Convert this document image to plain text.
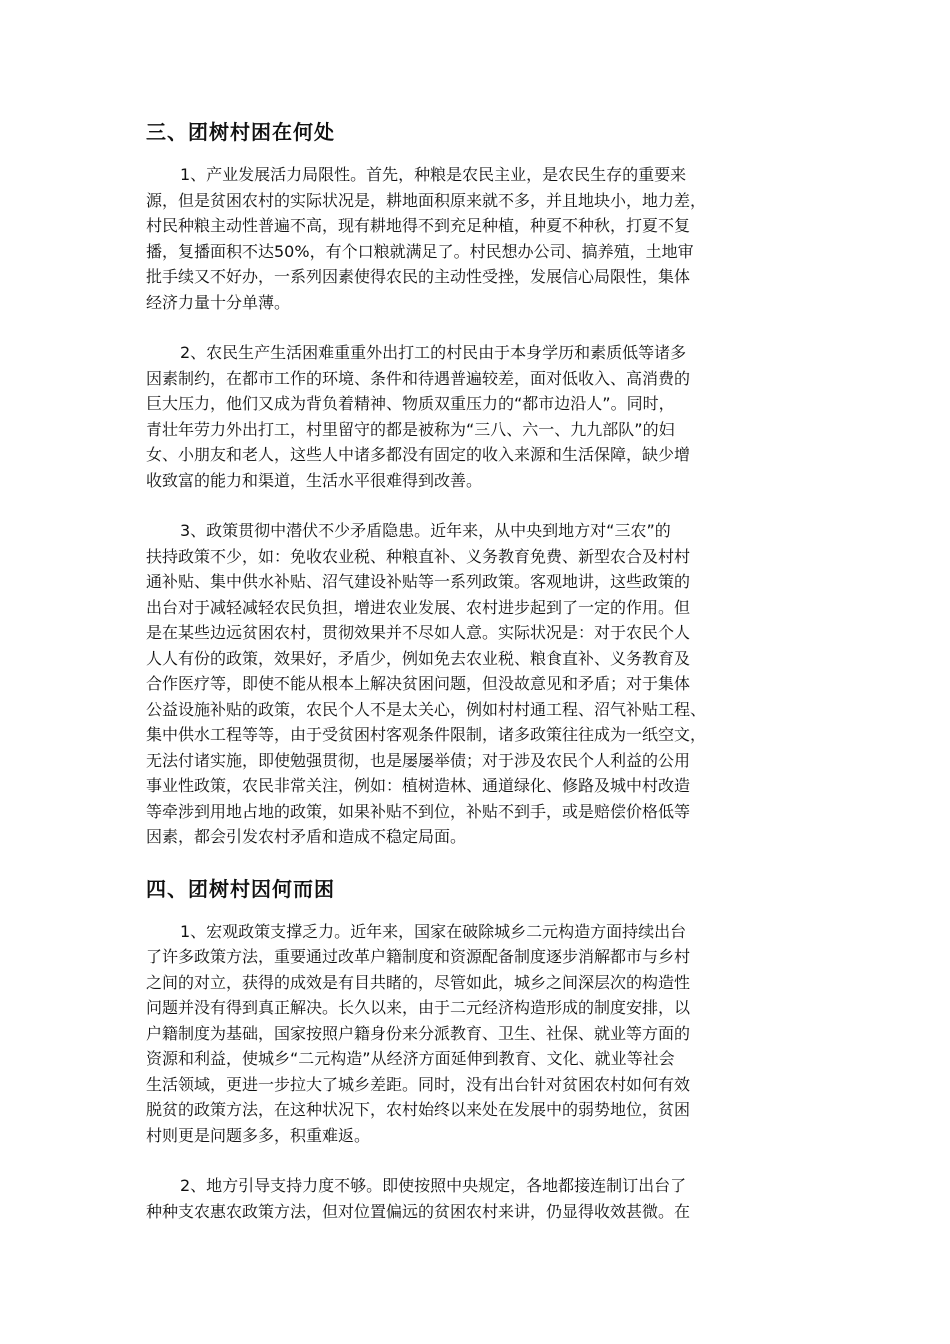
三、团树村困在何处
1、产业发展活力局限性。首先，种粮是农民主业，是农民生存的重要来
源，但是贫困农村的实际状况是，耕地面积原来就不多，并且地块小，地力差，
村民种粮主动性普遍不高，现有耕地得不到充足种植，种夏不种秋，打夏不复
播，复播面积不达50%，有个口粮就满足了。村民想办公司、搞养殖，土地审
批手续又不好办，一系列因素使得农民的主动性受挫，发展信心局限性，集体
经济力量十分单薄。
2、农民生产生活困难重重外出打工的村民由于本身学历和素质低等诸多
因素制约，在都市工作的环境、条件和待遇普遍较差，面对低收入、高消费的
巨大压力，他们又成为背负着精神、物质双重压力的“都市边沿人”。同时，
青壮年劳力外出打工，村里留守的都是被称为“三八、六一、九九部队”的妇
女、小朋友和老人，这些人中诸多都没有固定的收入来源和生活保障，缺少增
收致富的能力和渠道，生活水平很难得到改善。
3、政策贯彻中潜伏不少矛盾隐患。近年来，从中央到地方对“三农”的
扶持政策不少，如：免收农业税、种粮直补、义务教育免费、新型农合及村村
通补贴、集中供水补贴、沼气建设补贴等一系列政策。客观地讲，这些政策的
出台对于减轻减轻农民负担，增进农业发展、农村进步起到了一定的作用。但
是在某些边远贫困农村，贯彻效果并不尽如人意。实际状况是：对于农民个人
人人有份的政策，效果好，矛盾少，例如免去农业税、粮食直补、义务教育及
合作医疗等，即使不能从根本上解决贫困问题，但没故意见和矛盾；对于集体
公益设施补贴的政策，农民个人不是太关心，例如村村通工程、沼气补贴工程、
集中供水工程等等，由于受贫困村客观条件限制，诸多政策往往成为一纸空文，
无法付诸实施，即使勉强贯彻，也是屡屡举债；对于涉及农民个人利益的公用
事业性政策，农民非常关注，例如：植树造林、通道绿化、修路及城中村改造
等牵涉到用地占地的政策，如果补贴不到位，补贴不到手，或是赔偿价格低等
因素，都会引发农村矛盾和造成不稳定局面。
四、团树村因何而困
1、宏观政策支撑乏力。近年来，国家在破除城乡二元构造方面持续出台
了许多政策方法，重要通过改革户籍制度和资源配备制度逐步消解都市与乡村
之间的对立，获得的成效是有目共睹的，尽管如此，城乡之间深层次的构造性
问题并没有得到真正解决。长久以来，由于二元经济构造形成的制度安排，以
户籍制度为基础，国家按照户籍身份来分派教育、卫生、社保、就业等方面的
资源和利益，使城乡“二元构造”从经济方面延伸到教育、文化、就业等社会
生活领域，更进一步拉大了城乡差距。同时，没有出台针对贫困农村如何有效
脱贫的政策方法，在这种状况下，农村始终以来处在发展中的弱势地位，贫困
村则更是问题多多，积重难返。
2、地方引导支持力度不够。即使按照中央规定，各地都接连制订出台了
种种支农惠农政策方法，但对位置偏远的贫困农村来讲，仍显得收效甚微。在
